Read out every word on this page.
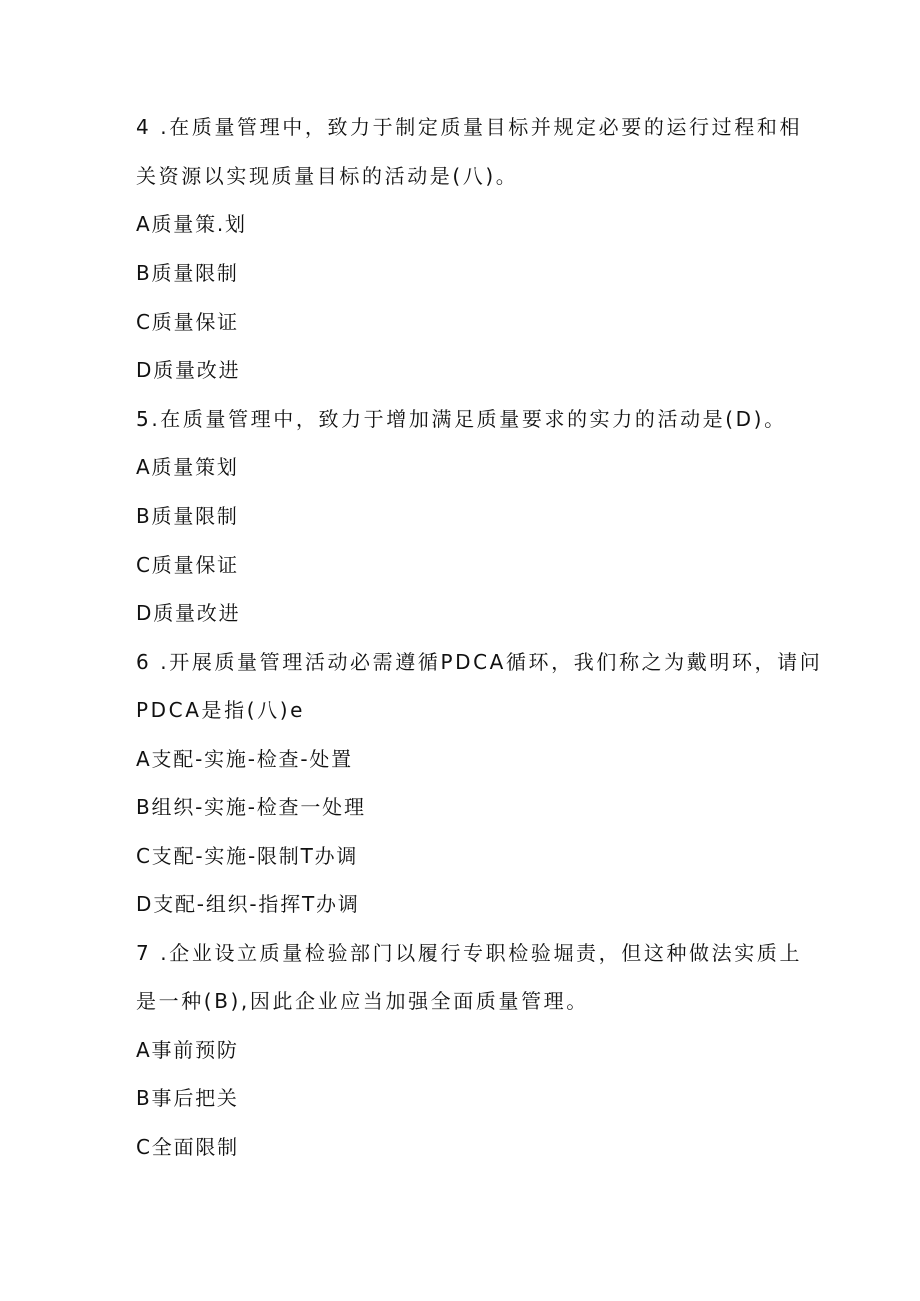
4 .在质量管理中，致力于制定质量目标并规定必要的运行过程和相
关资源以实现质量目标的活动是(八)。
A质量策.划
B质量限制
C质量保证
D质量改进
5.在质量管理中，致力于增加满足质量要求的实力的活动是(D)。
A质量策划
B质量限制
C质量保证
D质量改进
6 .开展质量管理活动必需遵循PDCA循环，我们称之为戴明环，请问
PDCA是指(八)e
A支配-实施-检查-处置
B组织-实施-检查一处理
C支配-实施-限制T办调
D支配-组织-指挥T办调
7 .企业设立质量检验部门以履行专职检验堀责，但这种做法实质上
是一种(B),因此企业应当加强全面质量管理。
A事前预防
B事后把关
C全面限制
